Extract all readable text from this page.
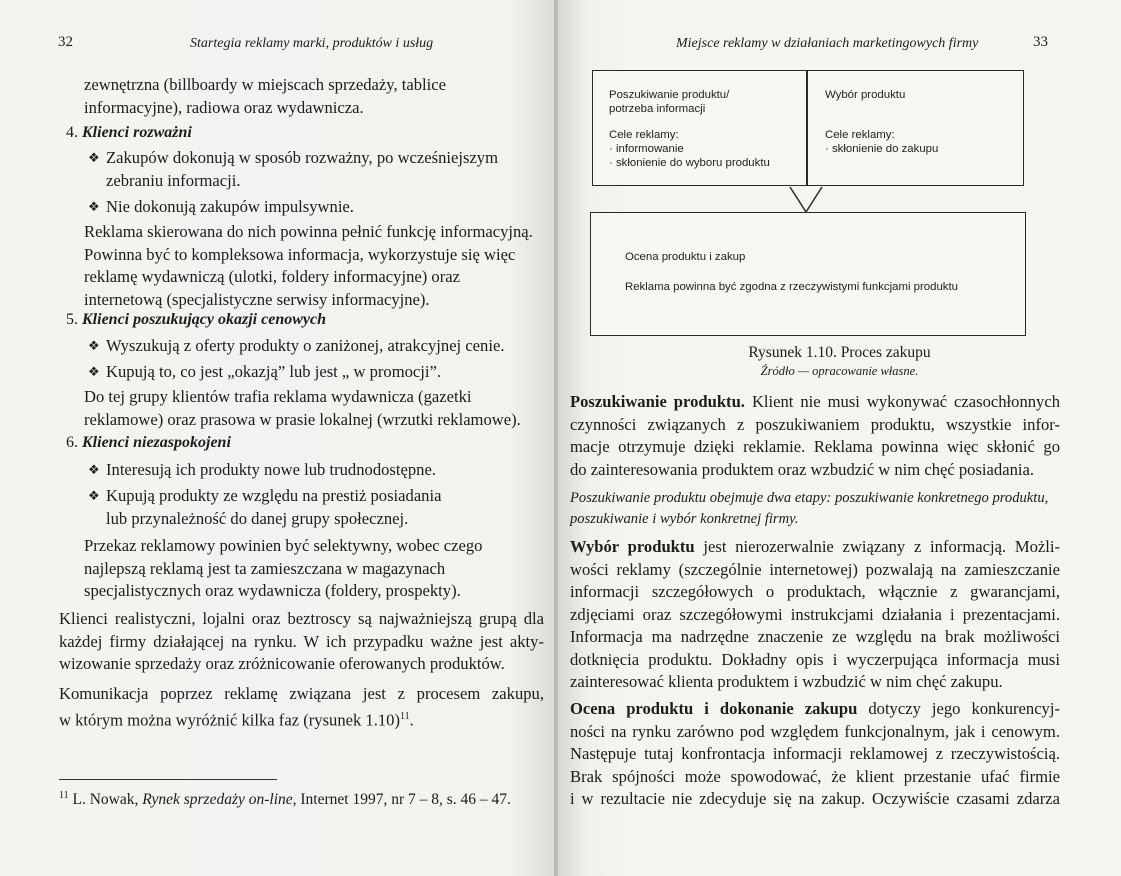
32	Startegia reklamy marki, produktów i usług

zewnętrzna (billboardy w miejscach sprzedaży, tablice

informacyjne), radiowa oraz wydawnicza.

4. Klienci rozważni
❖ Zakupów dokonują w sposób rozważny, po wcześniejszym

zebraniu informacji.

❖ Nie dokonują zakupów impulsywnie.

Reklama skierowana do nich powinna pełnić funkcję informacyjną.

Powinna być to kompleksowa informacja, wykorzystuje się więc

reklamę wydawniczą (ulotki, foldery informacyjne) oraz

internetową (specjalistyczne serwisy informacyjne).

5. Klienci poszukujący okazji cenowych
❖ Wyszukują z oferty produkty o zaniżonej, atrakcyjnej cenie.
❖ Kupują to, co jest „okazją” lub jest „ w promocji”.

Do tej grupy klientów trafia reklama wydawnicza (gazetki

reklamowe) oraz prasowa w prasie lokalnej (wrzutki reklamowe).

6. Klienci niezaspokojeni
❖ Interesują ich produkty nowe lub trudnodostępne.
❖ Kupują produkty ze względu na prestiż posiadania

lub przynależność do danej grupy społecznej.

Przekaz reklamowy powinien być selektywny, wobec czego

najlepszą reklamą jest ta zamieszczana w magazynach

specjalistycznych oraz wydawnicza (foldery, prospekty).

Klienci realistyczni, lojalni oraz beztroscy są najważniejszą grupą dla

każdej firmy działającej na rynku. W ich przypadku ważne jest akty-

wizowanie sprzedaży oraz zróżnicowanie oferowanych produktów.

Komunikacja poprzez reklamę związana jest z procesem zakupu,

w którym można wyróżnić kilka faz (rysunek 1.10)$^{11}$.

$^{11}$ L. Nowak, Rynek sprzedaży on-line, Internet 1997, nr 7 – 8, s. 46 – 47.
Miejsce reklamy w działaniach marketingowych firmy	33
Poszukiwanie produktu/
potrzeba informacji
Cele reklamy:
· informowanie
· skłonienie do wyboru produktu
Wybór produktu
Cele reklamy:
· skłonienie do zakupu
Ocena produktu i zakup
Reklama powinna być zgodna z rzeczywistymi funkcjami produktu
Rysunek 1.10. Proces zakupu
Źródło — opracowanie własne.

Poszukiwanie produktu. Klient nie musi wykonywać czasochłonnych

czynności związanych z poszukiwaniem produktu, wszystkie infor-

macje otrzymuje dzięki reklamie. Reklama powinna więc skłonić go

do zainteresowania produktem oraz wzbudzić w nim chęć posiadania.

Poszukiwanie produktu obejmuje dwa etapy: poszukiwanie konkretnego produktu,

poszukiwanie i wybór konkretnej firmy.

Wybór produktu jest nierozerwalnie związany z informacją. Możli-

wości reklamy (szczególnie internetowej) pozwalają na zamieszczanie

informacji szczegółowych o produktach, włącznie z gwarancjami,

zdjęciami oraz szczegółowymi instrukcjami działania i prezentacjami.

Informacja ma nadrzędne znaczenie ze względu na brak możliwości

dotknięcia produktu. Dokładny opis i wyczerpująca informacja musi

zainteresować klienta produktem i wzbudzić w nim chęć zakupu.

Ocena produktu i dokonanie zakupu dotyczy jego konkurencyj-

ności na rynku zarówno pod względem funkcjonalnym, jak i cenowym.

Następuje tutaj konfrontacja informacji reklamowej z rzeczywistością.

Brak spójności może spowodować, że klient przestanie ufać firmie

i w rezultacie nie zdecyduje się na zakup. Oczywiście czasami zdarza
